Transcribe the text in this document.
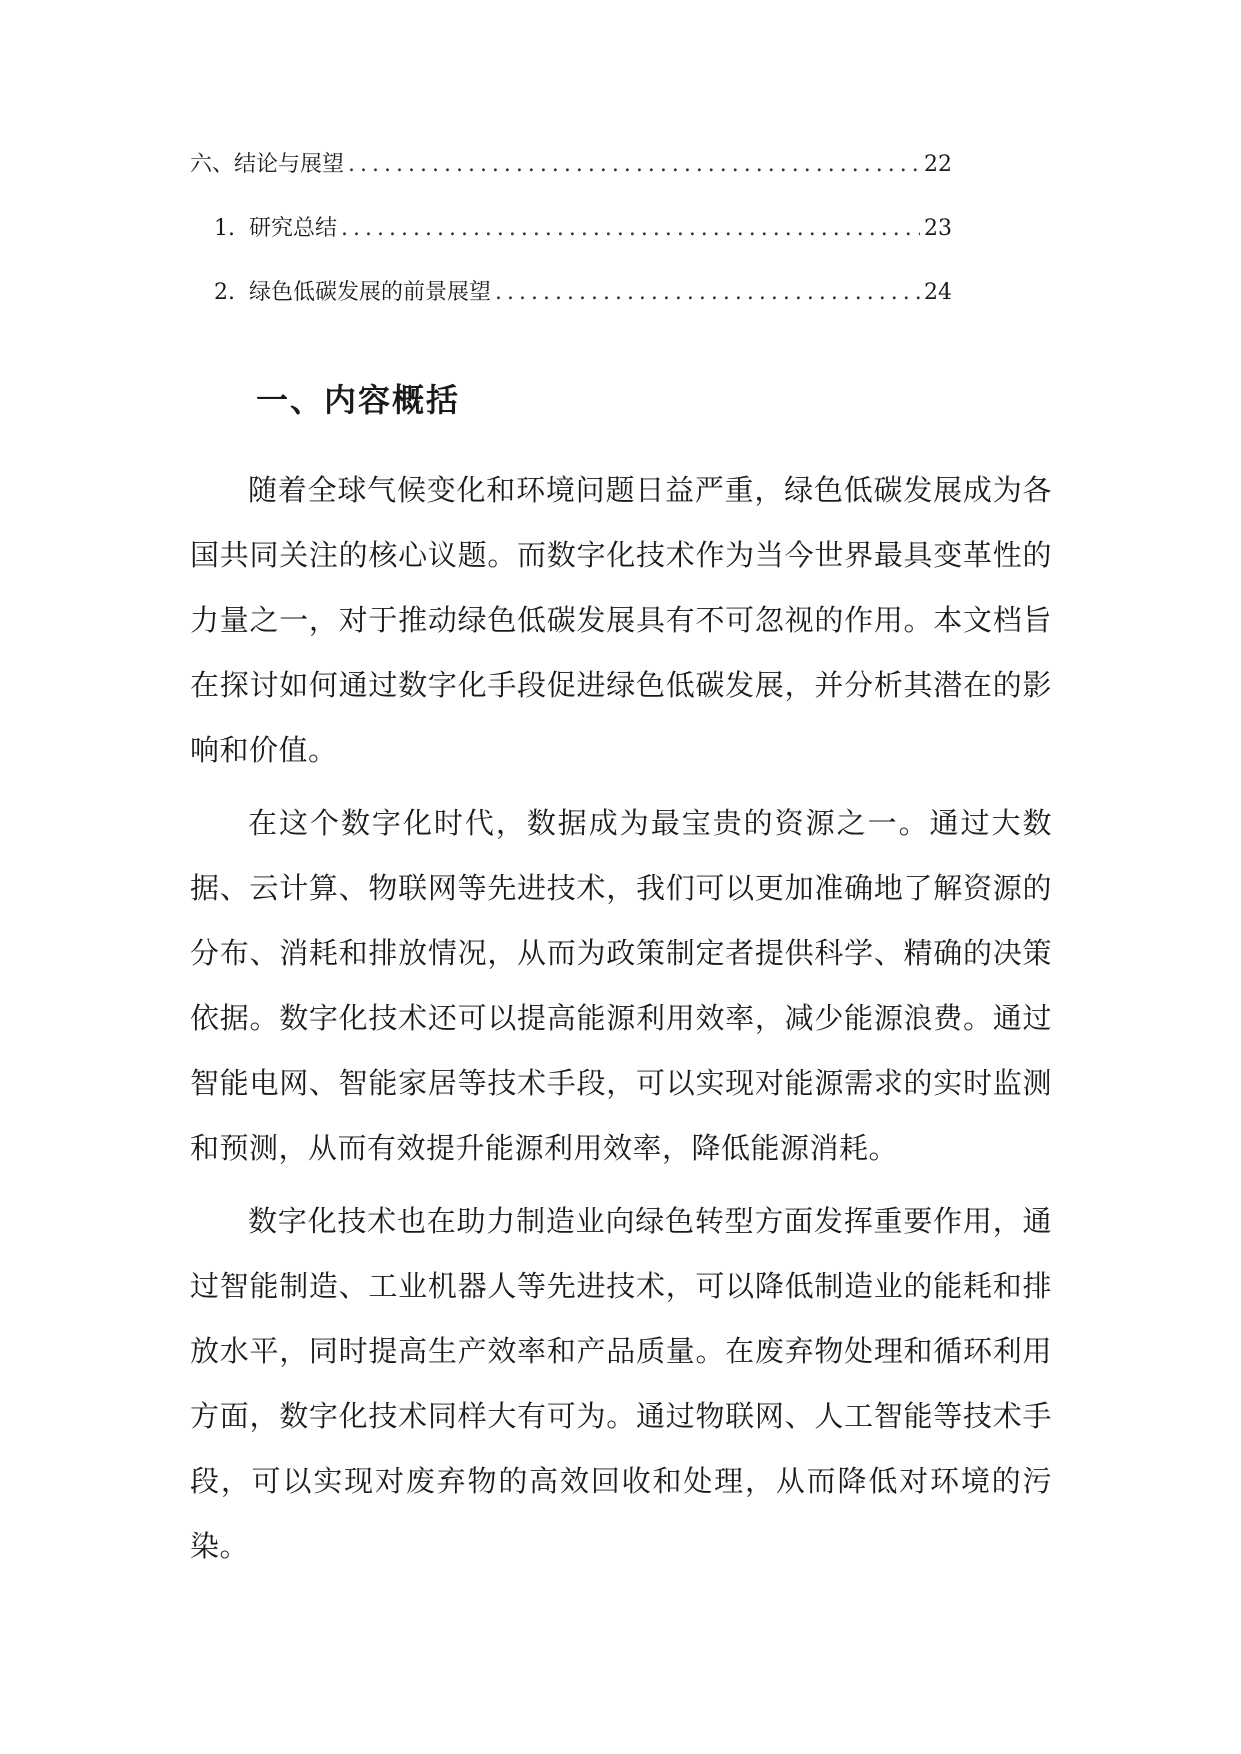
六、结论与展望 .....	22
1. 研究总结 .....	23
2. 绿色低碳发展的前景展望 .....	24
一、内容概括

随着全球气候变化和环境问题日益严重，绿色低碳发展成为各国共同关注的核心议题。而数字化技术作为当今世界最具变革性的力量之一，对于推动绿色低碳发展具有不可忽视的作用。本文档旨在探讨如何通过数字化手段促进绿色低碳发展，并分析其潜在的影响和价值。

在这个数字化时代，数据成为最宝贵的资源之一。通过大数据、云计算、物联网等先进技术，我们可以更加准确地了解资源的分布、消耗和排放情况，从而为政策制定者提供科学、精确的决策依据。数字化技术还可以提高能源利用效率，减少能源浪费。通过智能电网、智能家居等技术手段，可以实现对能源需求的实时监测和预测，从而有效提升能源利用效率，降低能源消耗。

数字化技术也在助力制造业向绿色转型方面发挥重要作用，通过智能制造、工业机器人等先进技术，可以降低制造业的能耗和排放水平，同时提高生产效率和产品质量。在废弃物处理和循环利用方面，数字化技术同样大有可为。通过物联网、人工智能等技术手段，可以实现对废弃物的高效回收和处理，从而降低对环境的污染。
